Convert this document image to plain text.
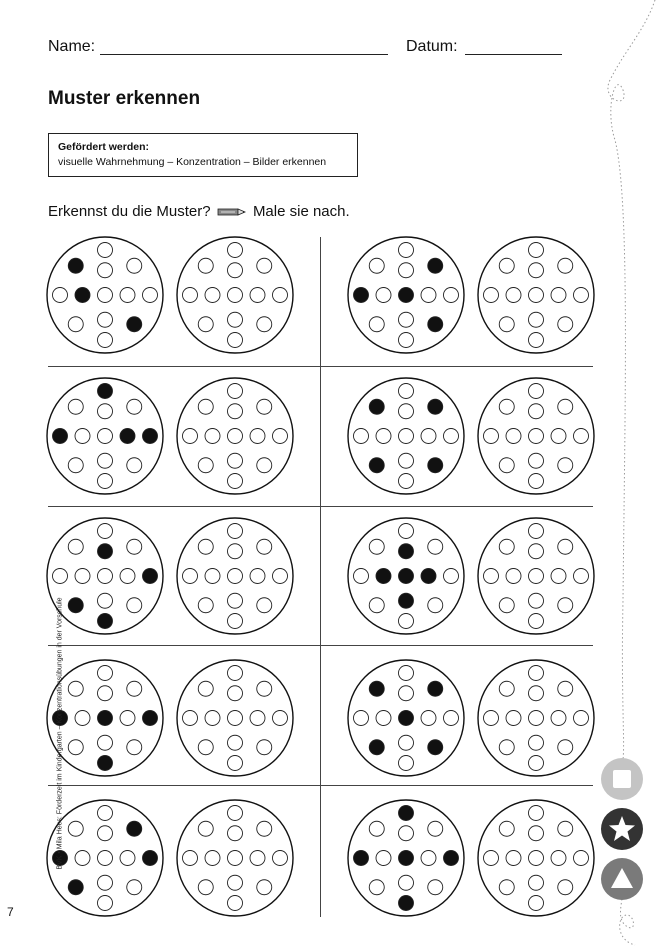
Name:	Datum:
Muster erkennen
Gefördert werden:
visuelle Wahrnehmung – Konzentration – Bilder erkennen
Erkennst du die Muster?	Male sie nach.
BVK • Mila Hees: Förderzeit im Kindergarten – Konzentrationsübungen in der Vorschule
7
